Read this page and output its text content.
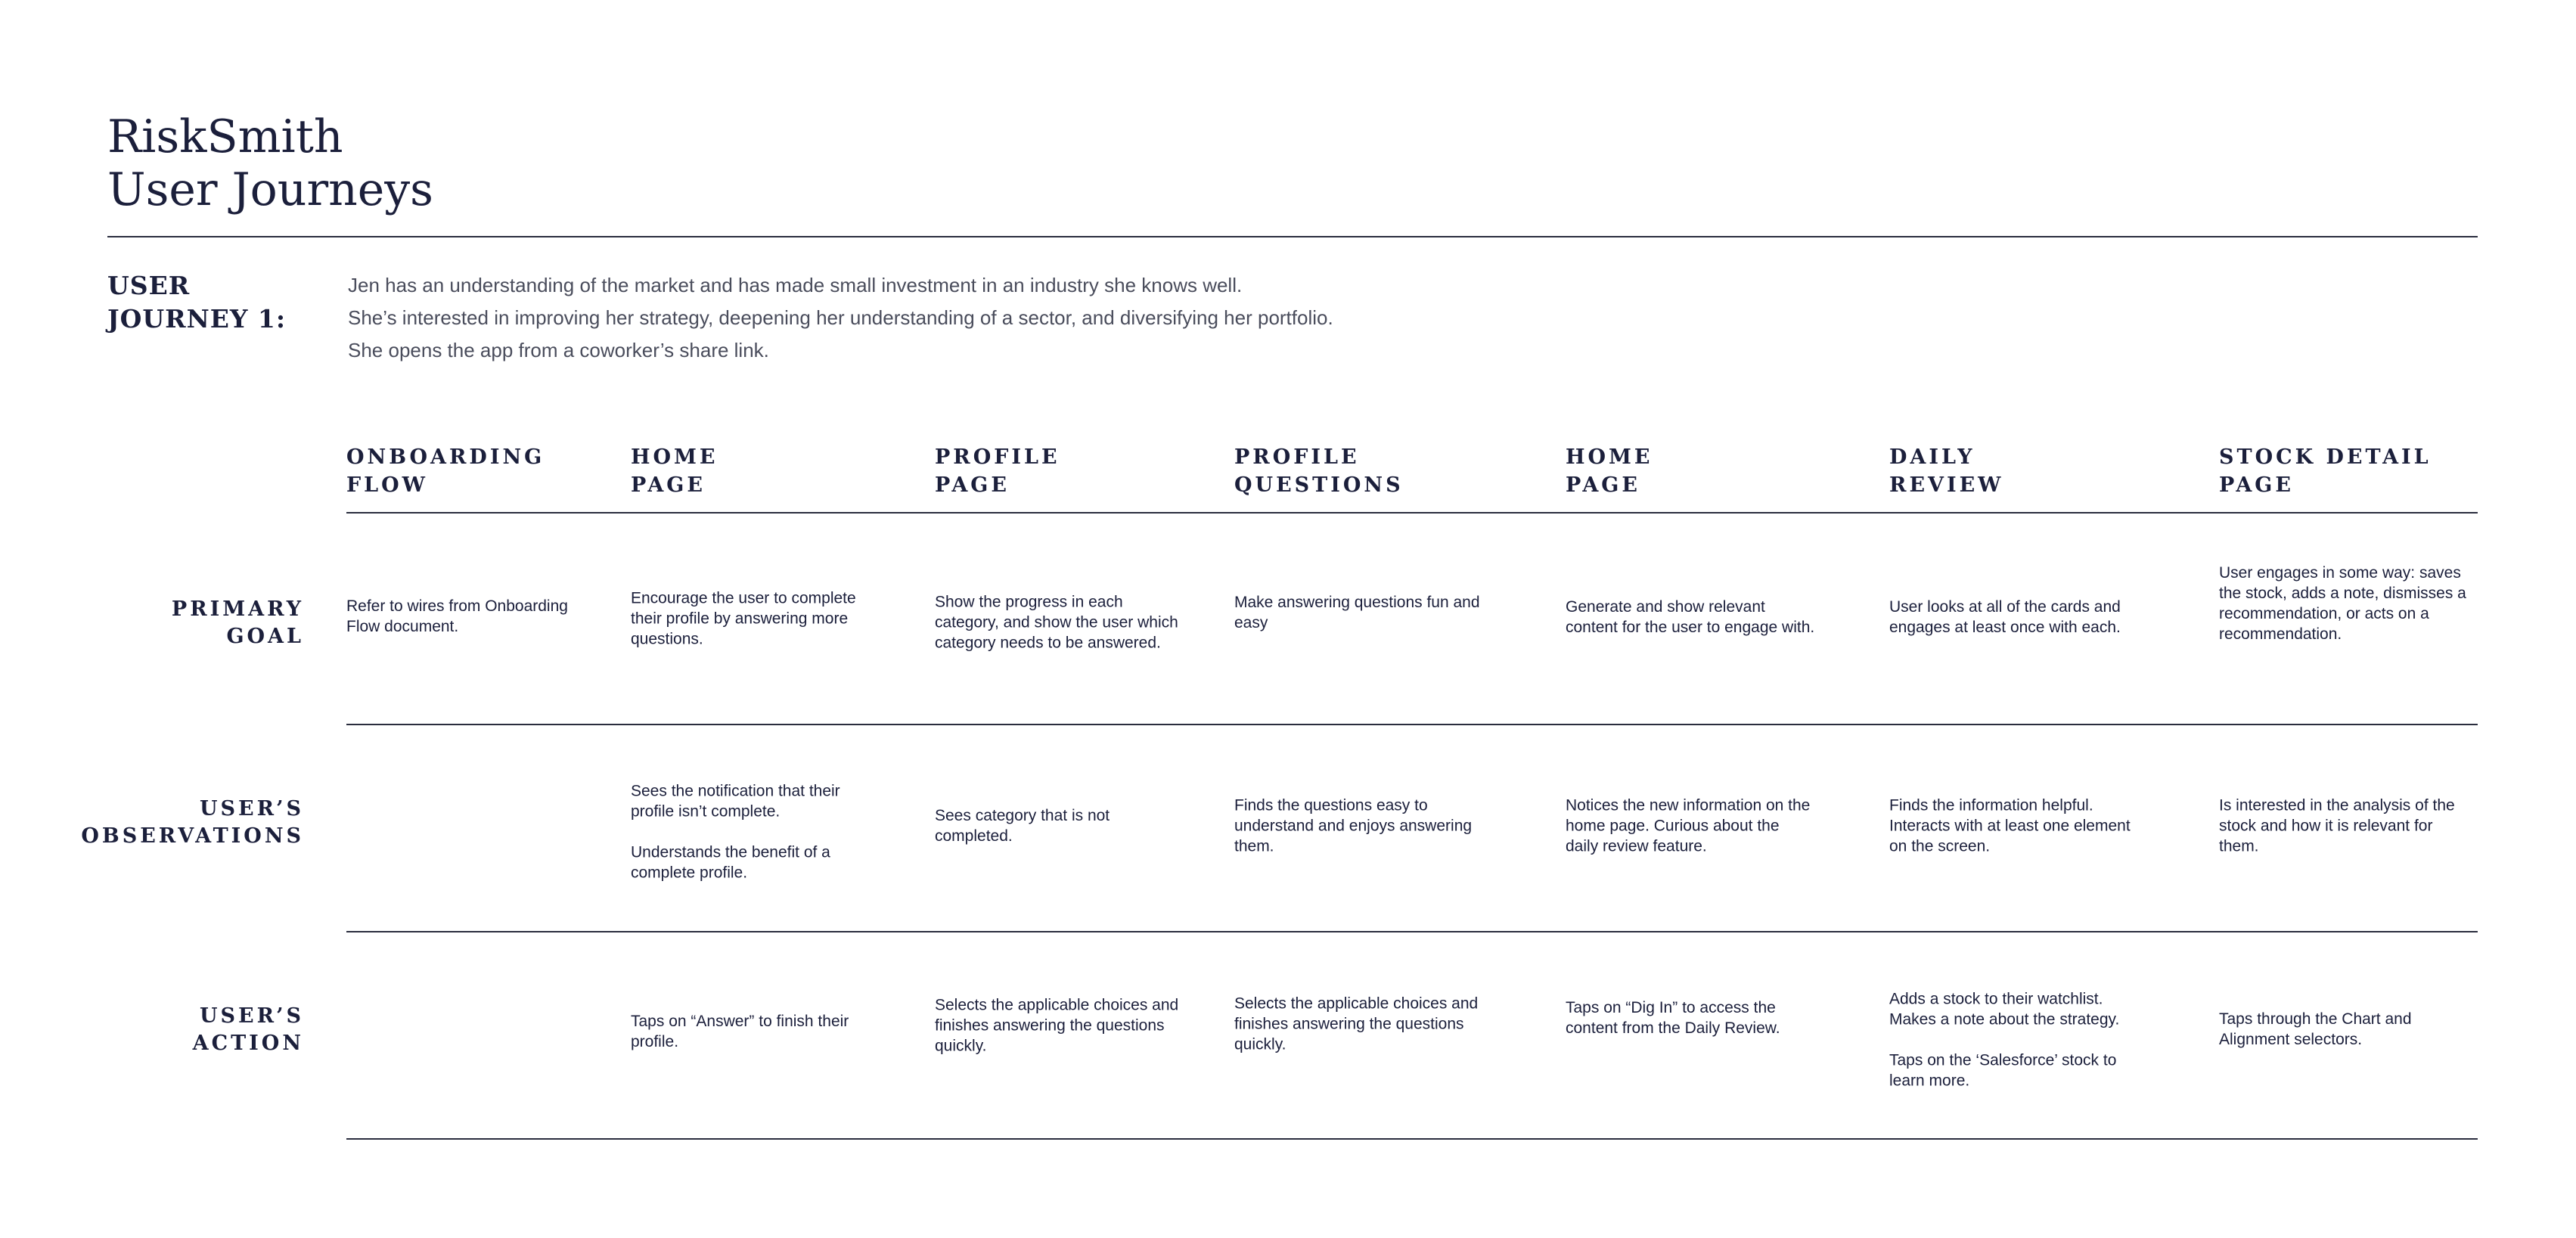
RiskSmith
User Journeys
USER
JOURNEY 1:

Jen has an understanding of the market and has made small investment in an industry she knows well.

She’s interested in improving her strategy, deepening her understanding of a sector, and diversifying her portfolio.

She opens the app from a coworker’s share link.

ONBOARDING
FLOW
HOME
PAGE
PROFILE
PAGE
PROFILE
QUESTIONS
HOME
PAGE
DAILY
REVIEW
STOCK DETAIL
PAGE
PRIMARY
GOAL
USER’S
OBSERVATIONS
USER’S
ACTION

Refer to wires from Onboarding Flow document.

Encourage the user to complete their profile by answering more questions.

Show the progress in each category, and show the user which category needs to be answered.

Make answering questions fun and easy

Generate and show relevant content for the user to engage with.

User looks at all of the cards and engages at least once with each.

User engages in some way: saves the stock, adds a note, dismisses a recommendation, or acts on a recommendation.

Sees the notification that their profile isn’t complete.

Understands the benefit of a complete profile.

Sees category that is not completed.

Finds the questions easy to understand and enjoys answering them.

Notices the new information on the home page. Curious about the daily review feature.

Finds the information helpful. Interacts with at least one element on the screen.

Is interested in the analysis of the stock and how it is relevant for them.

Taps on “Answer” to finish their profile.

Selects the applicable choices and finishes answering the questions quickly.

Selects the applicable choices and finishes answering the questions quickly.

Taps on “Dig In” to access the content from the Daily Review.

Adds a stock to their watchlist. Makes a note about the strategy.

Taps on the ‘Salesforce’ stock to learn more.

Taps through the Chart and Alignment selectors.
